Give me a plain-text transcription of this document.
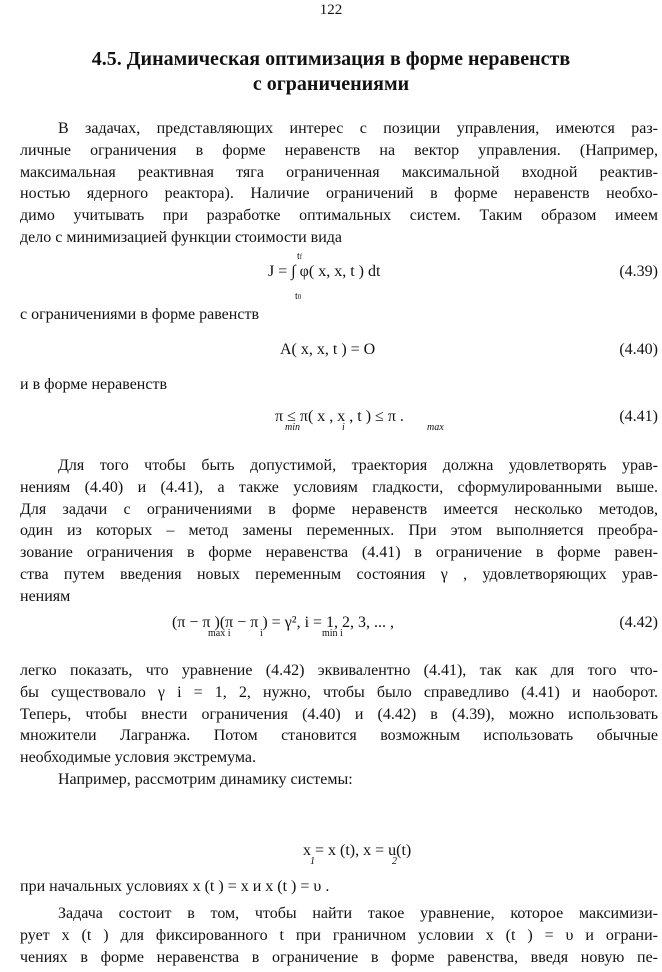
122
4.5. Динамическая оптимизация в форме неравенств
с ограничениями
В задачах, представляющих интерес с позиции управления, имеются раз-
личные ограничения в форме неравенств на вектор управления. (Например,
максимальная реактивная тяга ограниченная максимальной входной реактив-
ностью ядерного реактора). Наличие ограничений в форме неравенств необхо-
димо учитывать при разработке оптимальных систем. Таким образом имеем
дело с минимизацией функции стоимости вида
J = ∫ φ( x, x, t ) dt
tf
t0
(4.39)
с ограничениями в форме равенств
A( x, x, t ) = O	(4.40)
и в форме неравенств
π ≤ π( x , x , t ) ≤ π .
min	i	max
(4.41)
Для того чтобы быть допустимой, траектория должна удовлетворять урав-
нениям (4.40) и (4.41), а также условиям гладкости, сформулированными выше.
Для задачи с ограничениями в форме неравенств имеется несколько методов,
один из которых – метод замены переменных. При этом выполняется преобра-
зование ограничения в форме неравенства (4.41) в ограничение в форме равен-
ства путем введения новых переменным состояния γ , удовлетворяющих урав-
нениям
(π − π )(π − π ) = γ², i = 1, 2, 3, ... ,
max i	i	min i
(4.42)
легко показать, что уравнение (4.42) эквивалентно (4.41), так как для того что-
бы существовало γ i = 1, 2, нужно, чтобы было справедливо (4.41) и наоборот.
Теперь, чтобы внести ограничения (4.40) и (4.42) в (4.39), можно использовать
множители Лагранжа. Потом становится возможным использовать обычные
необходимые условия экстремума.
Например, рассмотрим динамику системы:
x = x (t), x = u(t)
1	2
при начальных условиях x (t ) = x и x (t ) = υ .
Задача состоит в том, чтобы найти такое уравнение, которое максимизи-
рует x (t ) для фиксированного t при граничном условии x (t ) = υ и ограни-
чениях в форме неравенства в ограничение в форме равенства, введя новую пе-
